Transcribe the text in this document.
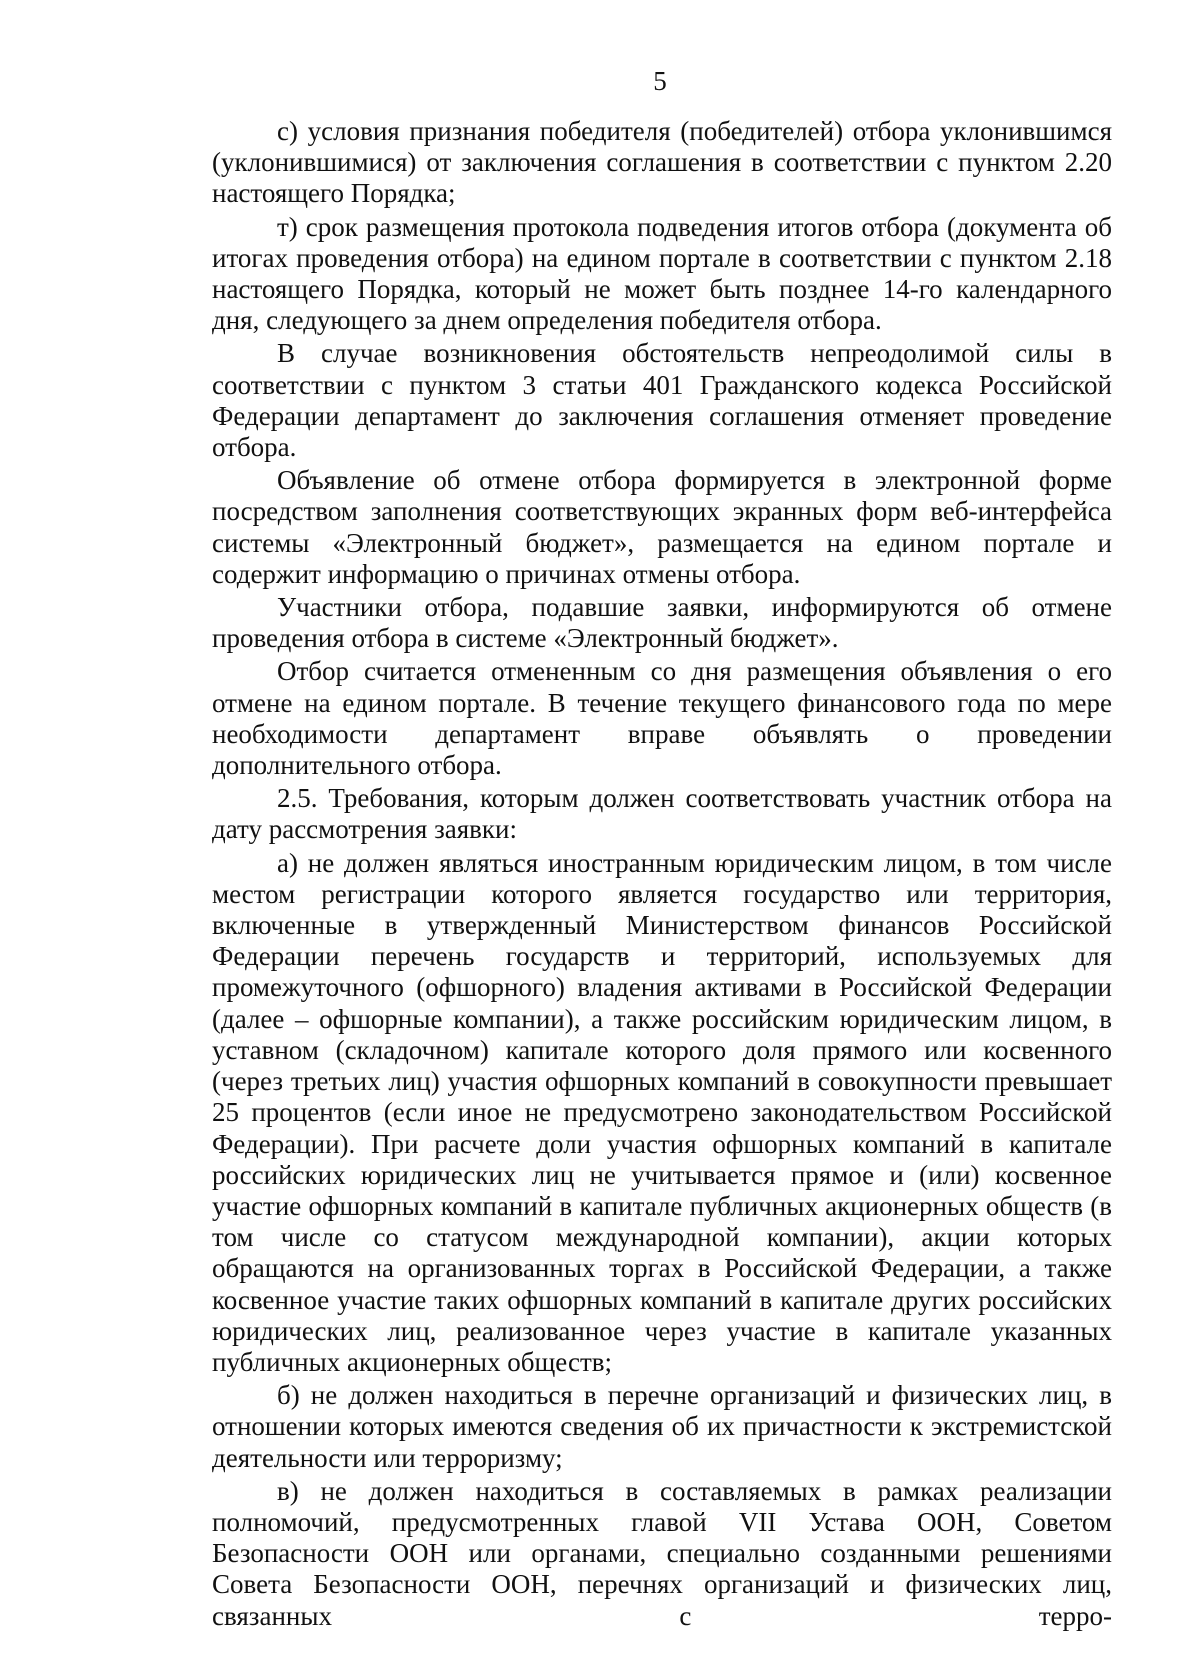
5

с) условия признания победителя (победителей) отбора уклонившимся (уклонившимися) от заключения соглашения в соответствии с пунктом 2.20 настоящего Порядка;

т) срок размещения протокола подведения итогов отбора (документа об итогах проведения отбора) на едином портале в соответствии с пунктом 2.18 настоящего Порядка, который не может быть позднее 14-го календарного дня, следующего за днем определения победителя отбора.

В случае возникновения обстоятельств непреодолимой силы в соответствии с пунктом 3 статьи 401 Гражданского кодекса Российской Федерации департамент до заключения соглашения отменяет проведение отбора.

Объявление об отмене отбора формируется в электронной форме посредством заполнения соответствующих экранных форм веб-интерфейса системы «Электронный бюджет», размещается на едином портале и содержит информацию о причинах отмены отбора.

Участники отбора, подавшие заявки, информируются об отмене проведения отбора в системе «Электронный бюджет».

Отбор считается отмененным со дня размещения объявления о его отмене на едином портале. В течение текущего финансового года по мере необходимости департамент вправе объявлять о проведении дополнительного отбора.

2.5. Требования, которым должен соответствовать участник отбора на дату рассмотрения заявки:

а) не должен являться иностранным юридическим лицом, в том числе местом регистрации которого является государство или территория, включенные в утвержденный Министерством финансов Российской Федерации перечень государств и территорий, используемых для промежуточного (офшорного) владения активами в Российской Федерации (далее – офшорные компании), а также российским юридическим лицом, в уставном (складочном) капитале которого доля прямого или косвенного (через третьих лиц) участия офшорных компаний в совокупности превышает 25 процентов (если иное не предусмотрено законодательством Российской Федерации). При расчете доли участия офшорных компаний в капитале российских юридических лиц не учитывается прямое и (или) косвенное участие офшорных компаний в капитале публичных акционерных обществ (в том числе со статусом международной компании), акции которых обращаются на организованных торгах в Российской Федерации, а также косвенное участие таких офшорных компаний в капитале других российских юридических лиц, реализованное через участие в капитале указанных публичных акционерных обществ;

б) не должен находиться в перечне организаций и физических лиц, в отношении которых имеются сведения об их причастности к экстремистской деятельности или терроризму;

в) не должен находиться в составляемых в рамках реализации полномочий, предусмотренных главой VII Устава ООН, Советом Безопасности ООН или органами, специально созданными решениями Совета Безопасности ООН, перечнях организаций и физических лиц, связанных с терро-
